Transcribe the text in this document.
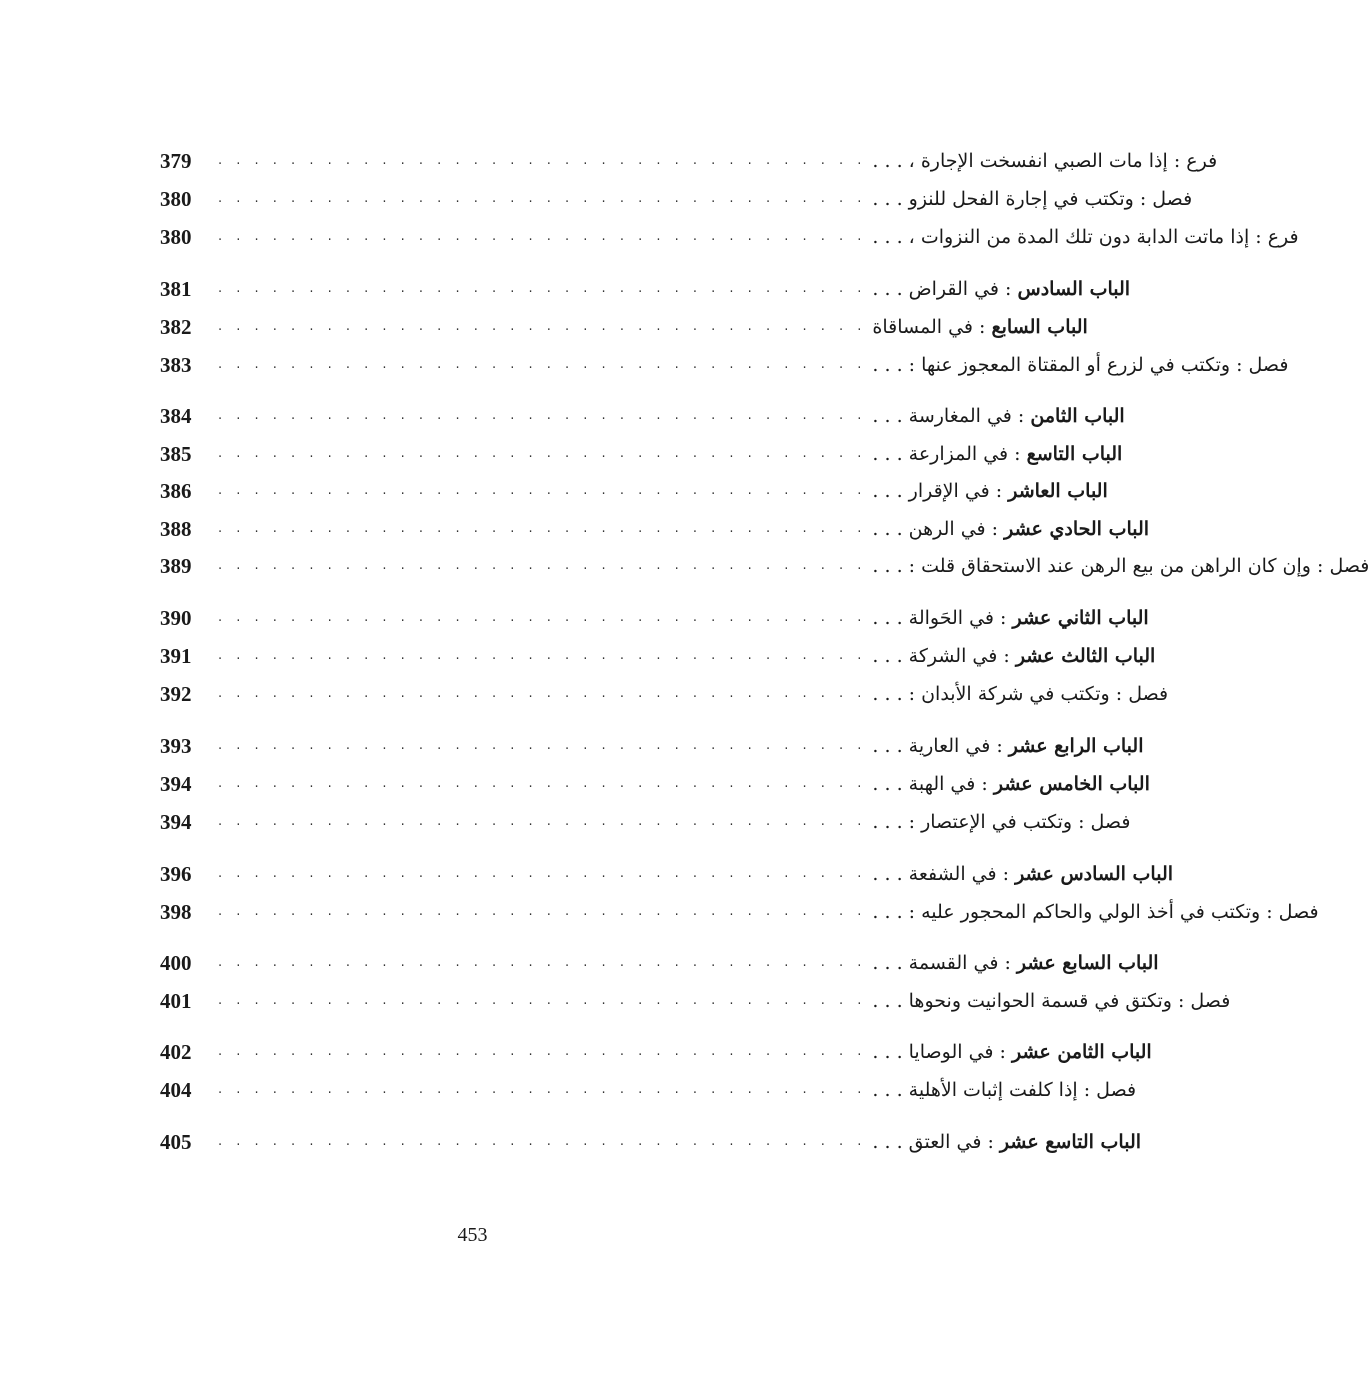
379	. . . . . . . . . . . . . . . . . . . . . . . . . . . . . . . . . . . . فرع : إذا مات الصبي انفسخت الإجارة ، . . .
380	. . . . . . . . . . . . . . . . . . . . . . . . . . . . . . . . . . . . فصل : وتكتب في إجارة الفحل للنزو . . .
380	. . . . . . . . . . . . . . . . . . . . . . . . . . . . . . . . . . . . فرع : إذا ماتت الدابة دون تلك المدة من النزوات ، . . .
381	. . . . . . . . . . . . . . . . . . . . . . . . . . . . . . . . . . . .	الباب السادس : في القراض . . .
382	. . . . . . . . . . . . . . . . . . . . . . . . . . . . . . . . . . . .	الباب السابع : في المساقاة
383	. . . . . . . . . . . . . . . . . . . . . . . . . . . . . . . . . . . . فصل : وتكتب في لزرع أو المقتاة المعجوز عنها : . . .
384	. . . . . . . . . . . . . . . . . . . . . . . . . . . . . . . . . . . .	الباب الثامن : في المغارسة . . .
385	. . . . . . . . . . . . . . . . . . . . . . . . . . . . . . . . . . . .	الباب التاسع : في المزارعة . . .
386	. . . . . . . . . . . . . . . . . . . . . . . . . . . . . . . . . . . .	الباب العاشر : في الإقرار . . .
388	. . . . . . . . . . . . . . . . . . . . . . . . . . . . . . . . . . . .	الباب الحادي عشر : في الرهن . . .
389	. . . . . . . . . . . . . . . . . . . . . . . . . . . . . . . . . . . . فصل : وإن كان الراهن من بيع الرهن عند الاستحقاق قلت : . . .
390	. . . . . . . . . . . . . . . . . . . . . . . . . . . . . . . . . . . .	الباب الثاني عشر : في الحَوالة . . .
391	. . . . . . . . . . . . . . . . . . . . . . . . . . . . . . . . . . . .	الباب الثالث عشر : في الشركة . . .
392	. . . . . . . . . . . . . . . . . . . . . . . . . . . . . . . . . . . . فصل : وتكتب في شركة الأبدان : . . .
393	. . . . . . . . . . . . . . . . . . . . . . . . . . . . . . . . . . . .	الباب الرابع عشر : في العارية . . .
394	. . . . . . . . . . . . . . . . . . . . . . . . . . . . . . . . . . . .	الباب الخامس عشر : في الهبة . . .
394	. . . . . . . . . . . . . . . . . . . . . . . . . . . . . . . . . . . . فصل : وتكتب في الإعتصار : . . .
396	. . . . . . . . . . . . . . . . . . . . . . . . . . . . . . . . . . . .	الباب السادس عشر : في الشفعة . . .
398	. . . . . . . . . . . . . . . . . . . . . . . . . . . . . . . . . . . . فصل : وتكتب في أخذ الولي والحاكم المحجور عليه : . . .
400	. . . . . . . . . . . . . . . . . . . . . . . . . . . . . . . . . . . .	الباب السابع عشر : في القسمة . . .
401	. . . . . . . . . . . . . . . . . . . . . . . . . . . . . . . . . . . . فصل : وتكتق في قسمة الحوانيت ونحوها . . .
402	. . . . . . . . . . . . . . . . . . . . . . . . . . . . . . . . . . . .	الباب الثامن عشر : في الوصايا . . .
404	. . . . . . . . . . . . . . . . . . . . . . . . . . . . . . . . . . . . فصل : إذا كلفت إثبات الأهلية . . .
405	. . . . . . . . . . . . . . . . . . . . . . . . . . . . . . . . . . . .	الباب التاسع عشر : في العتق . . .
453
